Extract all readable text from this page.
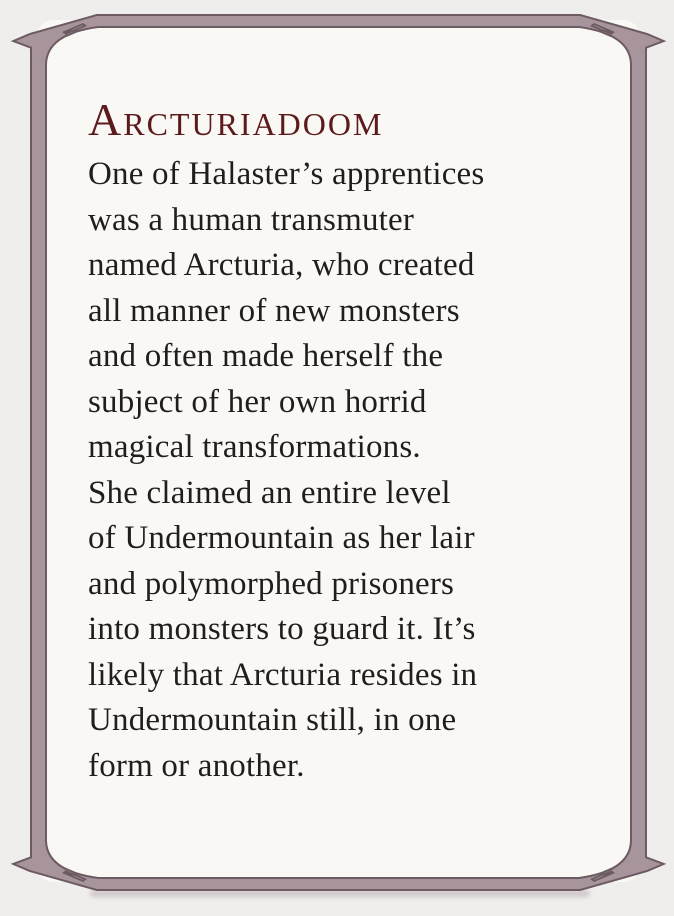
Arcturiadoom
One of Halaster’s apprentices
was a human transmuter
named Arcturia, who created
all manner of new monsters
and often made herself the
subject of her own horrid
magical transformations.
She claimed an entire level
of Undermountain as her lair
and polymorphed prisoners
into monsters to guard it. It’s
likely that Arcturia resides in
Undermountain still, in one
form or another.
